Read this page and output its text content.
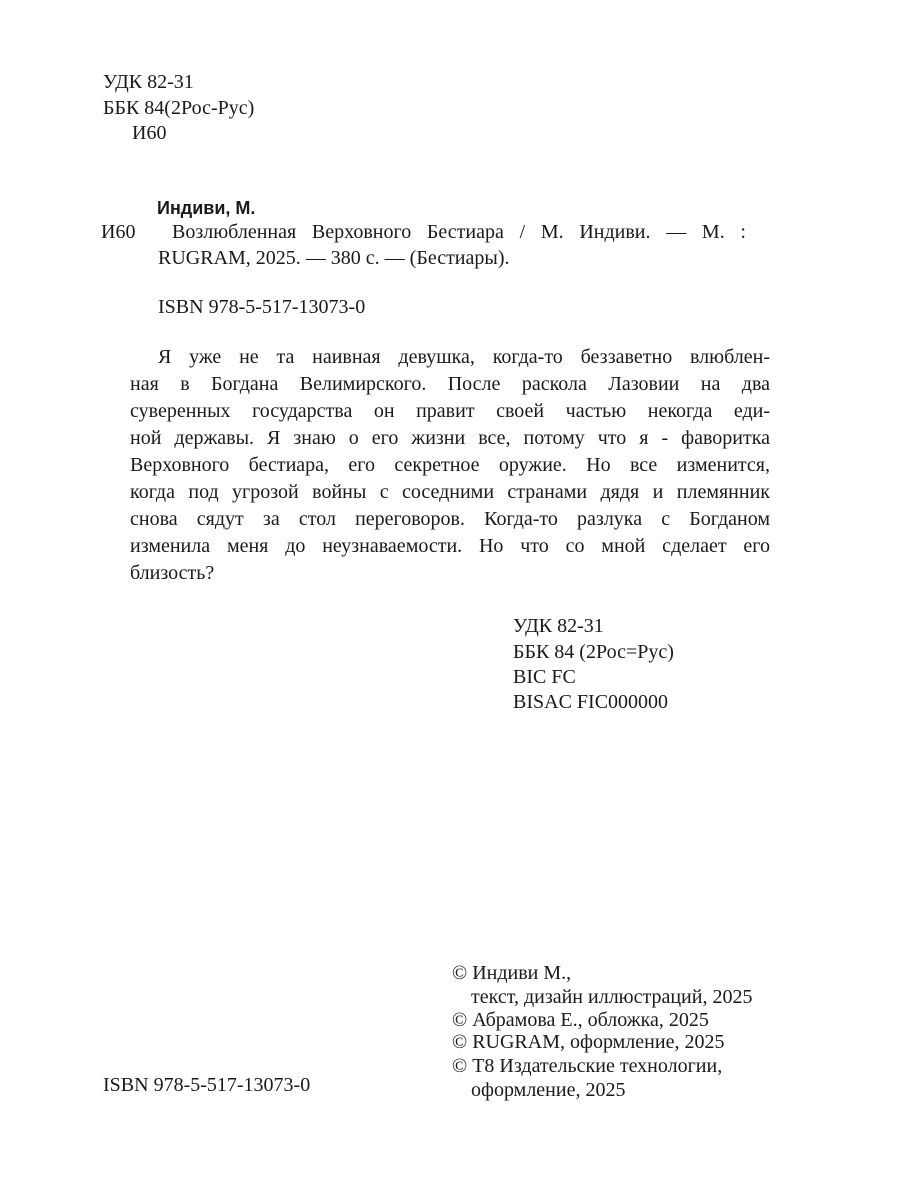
УДК 82-31
ББК 84(2Рос-Рус)
И60
Индиви, М.
И60 Возлюбленная Верховного Бестиара / М. Индиви. — М. :
RUGRAM, 2025. — 380 с. — (Бестиары).
ISBN 978-5-517-13073-0
Я уже не та наивная девушка, когда-то беззаветно влюблен-
ная в Богдана Велимирского. После раскола Лазовии на два
суверенных государства он правит своей частью некогда еди-
ной державы. Я знаю о его жизни все, потому что я - фаворитка
Верховного бестиара, его секретное оружие. Но все изменится,
когда под угрозой войны с соседними странами дядя и племянник
снова сядут за стол переговоров. Когда-то разлука с Богданом
изменила меня до неузнаваемости. Но что со мной сделает его
близость?
УДК 82-31
ББК 84 (2Рос=Рус)
BIC FC
BISAC FIC000000
© Индиви М.,
текст, дизайн иллюстраций, 2025
© Абрамова Е., обложка, 2025
© RUGRAM, оформление, 2025
© Т8 Издательские технологии,
оформление, 2025
ISBN 978-5-517-13073-0
